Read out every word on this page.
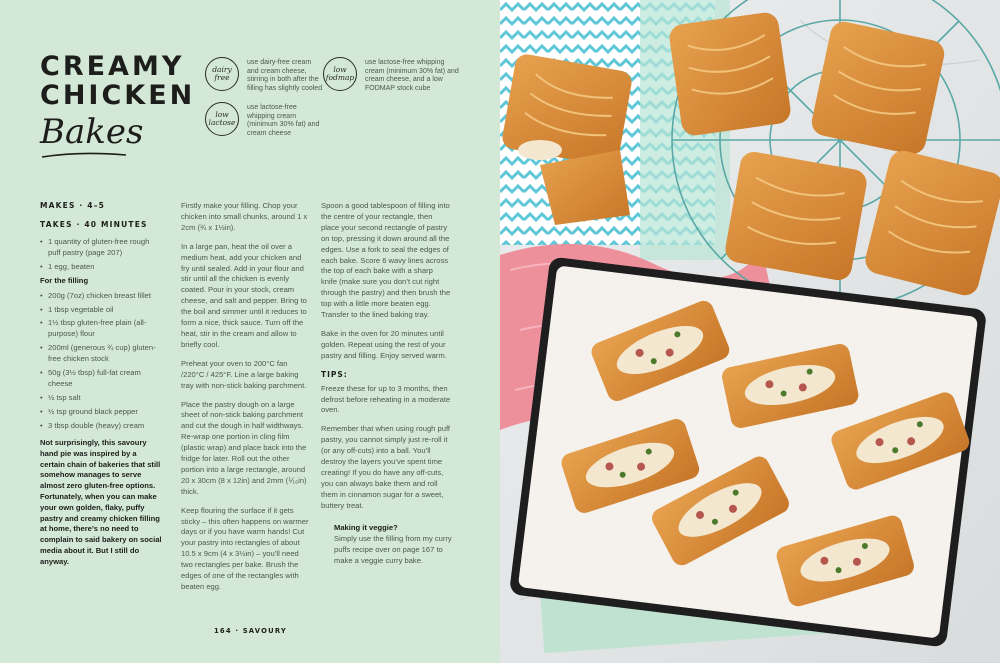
CREAMY
CHICKEN
Bakes
dairy free
use dairy-free cream and cream cheese, stirring in both after the filling has slightly cooled
low fodmap
use lactose-free whipping cream (minimum 30% fat) and cream cheese, and a low FODMAP stock cube
low lactose
use lactose-free whipping cream (minimum 30% fat) and cream cheese
MAKES · 4–5
TAKES · 40 MINUTES
• 1 quantity of gluten-free rough puff pastry (page 207)
• 1 egg, beaten
For the filling
• 200g (7oz) chicken breast fillet
• 1 tbsp vegetable oil
• 1½ tbsp gluten-free plain (all-purpose) flour
• 200ml (generous ¾ cup) gluten-free chicken stock
• 50g (3½ tbsp) full-fat cream cheese
• ½ tsp salt
• ½ tsp ground black pepper
• 3 tbsp double (heavy) cream
Not surprisingly, this savoury hand pie was inspired by a certain chain of bakeries that still somehow manages to serve almost zero gluten-free options. Fortunately, when you can make your own golden, flaky, puffy pastry and creamy chicken filling at home, there’s no need to complain to said bakery on social media about it. But I still do anyway.

Firstly make your filling. Chop your chicken into small chunks, around 1 x 2cm (¾ x 1½in).

In a large pan, heat the oil over a medium heat, add your chicken and fry until sealed. Add in your flour and stir until all the chicken is evenly coated. Pour in your stock, cream cheese, and salt and pepper. Bring to the boil and simmer until it reduces to form a nice, thick sauce. Turn off the heat, stir in the cream and allow to briefly cool.

Preheat your oven to 200°C fan /220°C / 425°F. Line a large baking tray with non-stick baking parchment.

Place the pastry dough on a large sheet of non-stick baking parchment and cut the dough in half widthways. Re-wrap one portion in cling film (plastic wrap) and place back into the fridge for later. Roll out the other portion into a large rectangle, around 20 x 30cm (8 x 12in) and 2mm (⅟₁₆in) thick.

Keep flouring the surface if it gets sticky – this often happens on warmer days or if you have warm hands! Cut your pastry into rectangles of about 10.5 x 9cm (4 x 3½in) – you’ll need two rectangles per bake. Brush the edges of one of the rectangles with beaten egg.

Spoon a good tablespoon of filling into the centre of your rectangle, then place your second rectangle of pastry on top, pressing it down around all the edges. Use a fork to seal the edges of each bake. Score 6 wavy lines across the top of each bake with a sharp knife (make sure you don’t cut right through the pastry) and then brush the top with a little more beaten egg. Transfer to the lined baking tray.

Bake in the oven for 20 minutes until golden. Repeat using the rest of your pastry and filling. Enjoy served warm.

TIPS:

Freeze these for up to 3 months, then defrost before reheating in a moderate oven.

Remember that when using rough puff pastry, you cannot simply just re-roll it (or any off-cuts) into a ball. You’ll destroy the layers you’ve spent time creating! If you do have any off-cuts, you can always bake them and roll them in cinnamon sugar for a sweet, buttery treat.

Making it veggie?
Simply use the filling from my curry puffs recipe over on page 167 to make a veggie curry bake.
164 · SAVOURY
